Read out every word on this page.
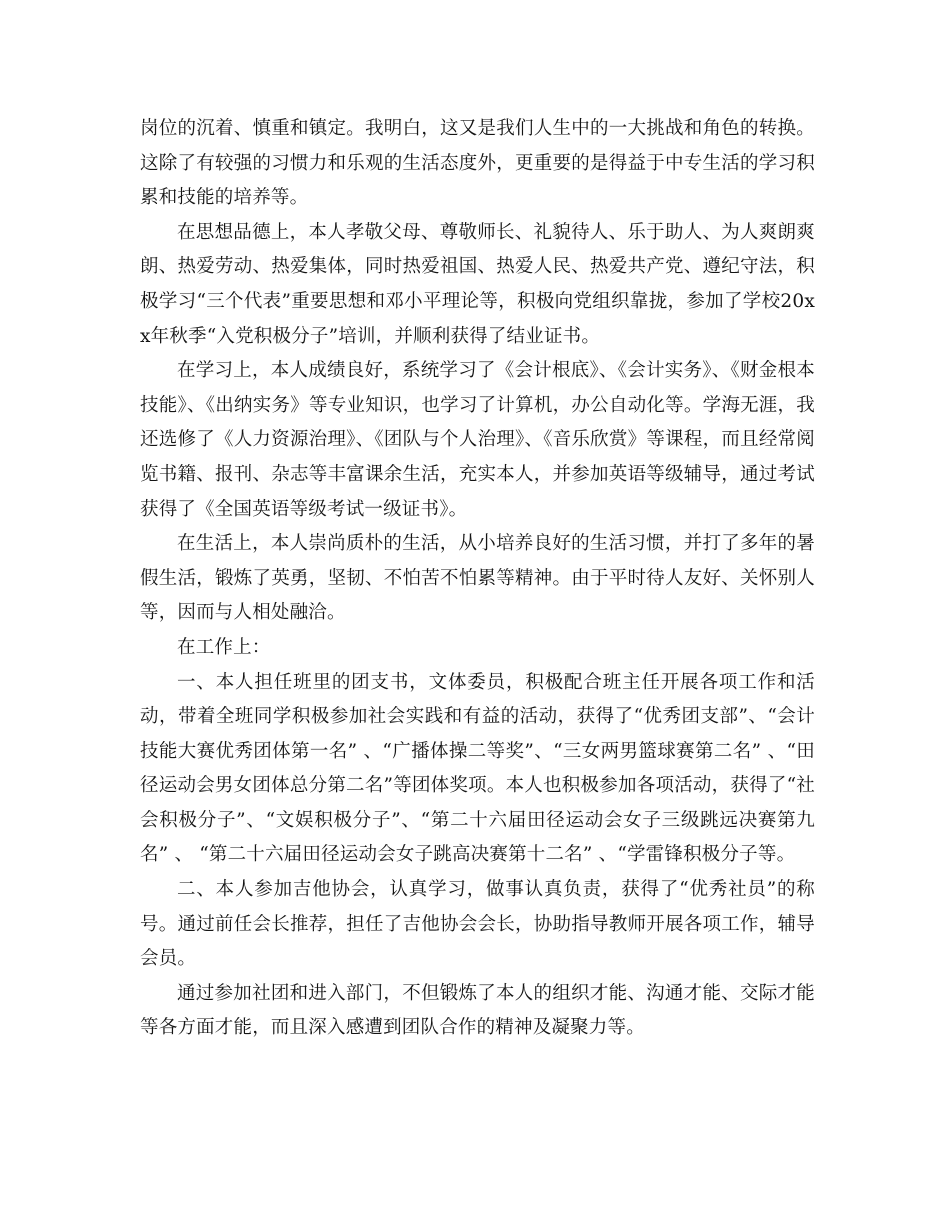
岗位的沉着、慎重和镇定。我明白，这又是我们人生中的一大挑战和角色的转换。这除了有较强的习惯力和乐观的生活态度外，更重要的是得益于中专生活的学习积累和技能的培养等。

在思想品德上，本人孝敬父母、尊敬师长、礼貌待人、乐于助人、为人爽朗爽朗、热爱劳动、热爱集体，同时热爱祖国、热爱人民、热爱共产党、遵纪守法，积极学习“三个代表”重要思想和邓小平理论等，积极向党组织靠拢，参加了学校20xx年秋季“入党积极分子”培训，并顺利获得了结业证书。

在学习上，本人成绩良好，系统学习了《会计根底》、《会计实务》、《财金根本技能》、《出纳实务》等专业知识，也学习了计算机，办公自动化等。学海无涯，我还选修了《人力资源治理》、《团队与个人治理》、《音乐欣赏》等课程，而且经常阅览书籍、报刊、杂志等丰富课余生活，充实本人，并参加英语等级辅导，通过考试获得了《全国英语等级考试一级证书》。

在生活上，本人崇尚质朴的生活，从小培养良好的生活习惯，并打了多年的暑假生活，锻炼了英勇，坚韧、不怕苦不怕累等精神。由于平时待人友好、关怀别人等，因而与人相处融洽。

在工作上：

一、本人担任班里的团支书，文体委员，积极配合班主任开展各项工作和活动，带着全班同学积极参加社会实践和有益的活动，获得了“优秀团支部”、“会计技能大赛优秀团体第一名” 、“广播体操二等奖”、“三女两男篮球赛第二名” 、“田径运动会男女团体总分第二名”等团体奖项。本人也积极参加各项活动，获得了“社会积极分子”、“文娱积极分子”、“第二十六届田径运动会女子三级跳远决赛第九名” 、 “第二十六届田径运动会女子跳高决赛第十二名” 、“学雷锋积极分子等。

二、本人参加吉他协会，认真学习，做事认真负责，获得了“优秀社员”的称号。通过前任会长推荐，担任了吉他协会会长，协助指导教师开展各项工作，辅导会员。

通过参加社团和进入部门，不但锻炼了本人的组织才能、沟通才能、交际才能等各方面才能，而且深入感遭到团队合作的精神及凝聚力等。
